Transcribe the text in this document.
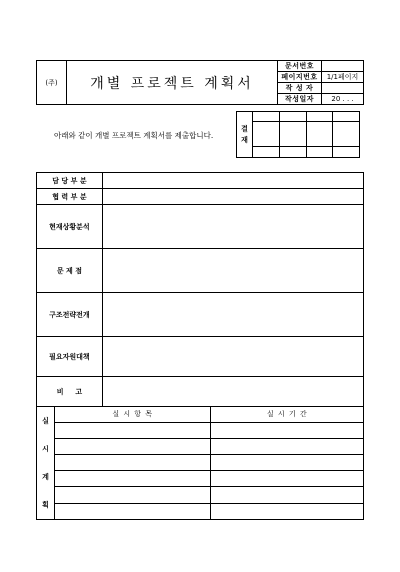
(주)	개별 프로젝트 계획서	문서번호	
		페이지번호	1/1페이지
		작 성 자	
		작성일자	20 . . .
아래와 같이 개별 프로젝트 계획서를 제출합니다.
결
재				

담 당 부 분			
협 력 부 분			
현재상황분석			
문 제 점			
구조전략전개			
필요자원대책			
비 　 고			
실
시
계
획	실 시 항 목		실 시 기 간
